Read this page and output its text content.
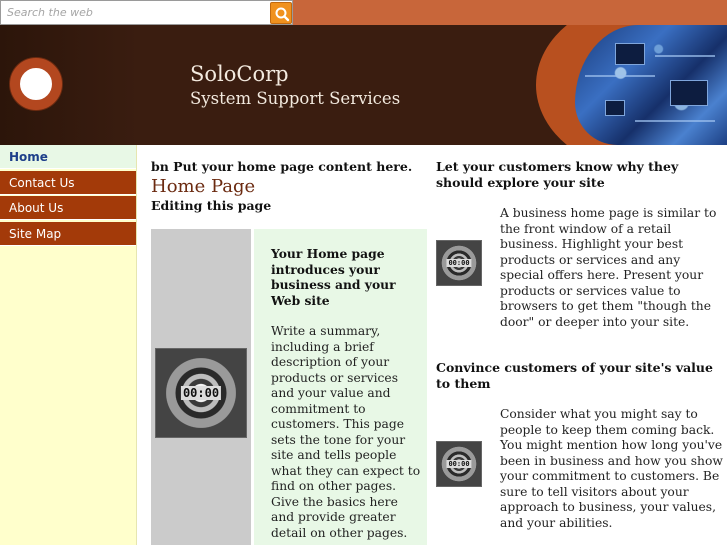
Search the web
SoloCorp
System Support Services
Home
Contact Us
About Us
Site Map
bn Put your home page content here.
Home Page
Editing this page
00:00
Your Home page introduces your business and your Web site
Write a summary, including a brief description of your products or services and your value and commitment to customers. This page sets the tone for your site and tells people what they can expect to find on other pages. Give the basics here and provide greater detail on other pages.
Let your customers know why they should explore your site
00:00
A business home page is similar to the front window of a retail business. Highlight your best products or services and any special offers here. Present your products or services value to browsers to get them "though the door" or deeper into your site.
Convince customers of your site's value to them
00:00
Consider what you might say to people to keep them coming back. You might mention how long you've been in business and how you show your commitment to customers. Be sure to tell visitors about your approach to business, your values, and your abilities.
